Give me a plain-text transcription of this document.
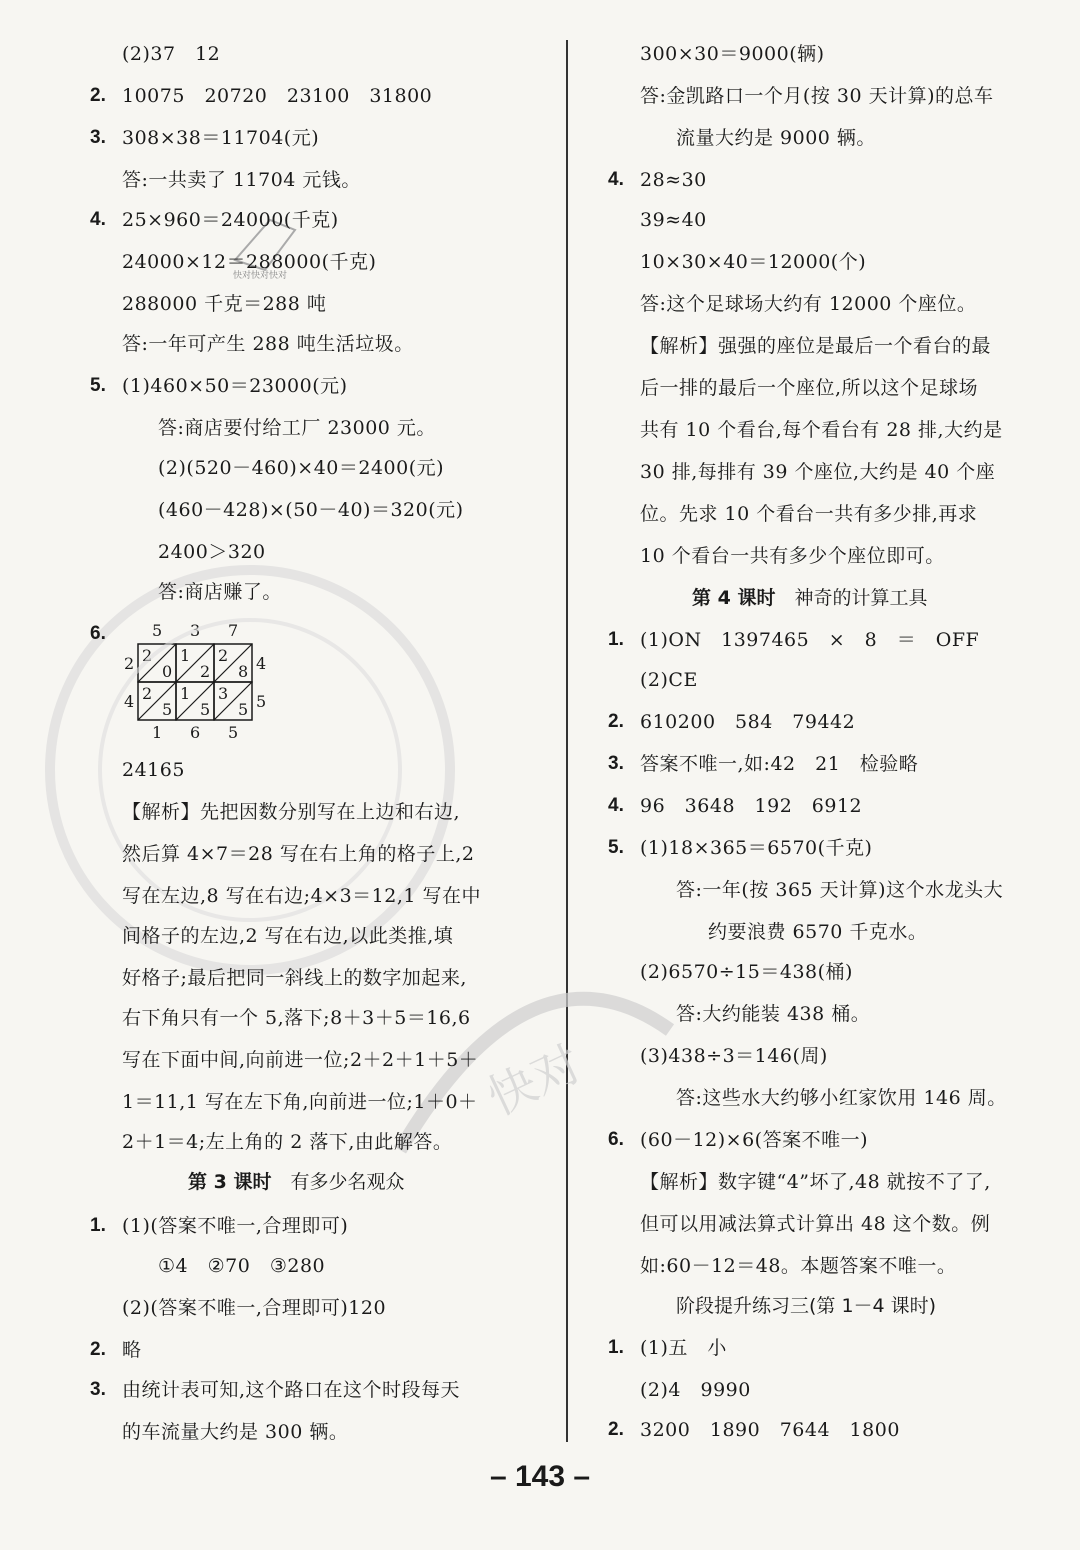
第 3 课时　 有多少名观众
第 4 课时　 神奇的计算工具
阶段提升练习三(第 1－4 课时)
2
0
1
2
2
8
2
5
1
5
3
5
5 3 7
1 6 5
2
4
4
5
快对快对快对
快对
– 143 –
(2)37　12
2. 10075　20720　23100　31800
3. 308×38＝11704(元)
答:一共卖了 11704 元钱。
4. 25×960＝24000(千克)
24000×12＝288000(千克)
288000 千克＝288 吨
答:一年可产生 288 吨生活垃圾。
5. (1)460×50＝23000(元)
答:商店要付给工厂 23000 元。
(2)(520－460)×40＝2400(元)
(460－428)×(50－40)＝320(元)
2400＞320
答:商店赚了。
6.
24165
【解析】先把因数分别写在上边和右边,
然后算 4×7＝28 写在右上角的格子上,2
写在左边,8 写在右边;4×3＝12,1 写在中
间格子的左边,2 写在右边,以此类推,填
好格子;最后把同一斜线上的数字加起来,
右下角只有一个 5,落下;8＋3＋5＝16,6
写在下面中间,向前进一位;2＋2＋1＋5＋
1＝11,1 写在左下角,向前进一位;1＋0＋
2＋1＝4;左上角的 2 落下,由此解答。
1. (1)(答案不唯一,合理即可)
①4　②70　③280
(2)(答案不唯一,合理即可)120
2. 略
3. 由统计表可知,这个路口在这个时段每天
的车流量大约是 300 辆。
300×30＝9000(辆)
答:金凯路口一个月(按 30 天计算)的总车
流量大约是 9000 辆。
4. 28≈30
39≈40
10×30×40＝12000(个)
答:这个足球场大约有 12000 个座位。
【解析】强强的座位是最后一个看台的最
后一排的最后一个座位,所以这个足球场
共有 10 个看台,每个看台有 28 排,大约是
30 排,每排有 39 个座位,大约是 40 个座
位。先求 10 个看台一共有多少排,再求
10 个看台一共有多少个座位即可。
1. (1)ON　1397465　×　8　＝　OFF
(2)CE
2. 610200　584　79442
3. 答案不唯一,如:42　21　检验略
4. 96　3648　192　6912
5. (1)18×365＝6570(千克)
答:一年(按 365 天计算)这个水龙头大
约要浪费 6570 千克水。
(2)6570÷15＝438(桶)
答:大约能装 438 桶。
(3)438÷3＝146(周)
答:这些水大约够小红家饮用 146 周。
6. (60－12)×6(答案不唯一)
【解析】数字键“4”坏了,48 就按不了了,
但可以用减法算式计算出 48 这个数。例
如:60－12＝48。本题答案不唯一。
1. (1)五　小
(2)4　9990
2. 3200　1890　7644　1800
